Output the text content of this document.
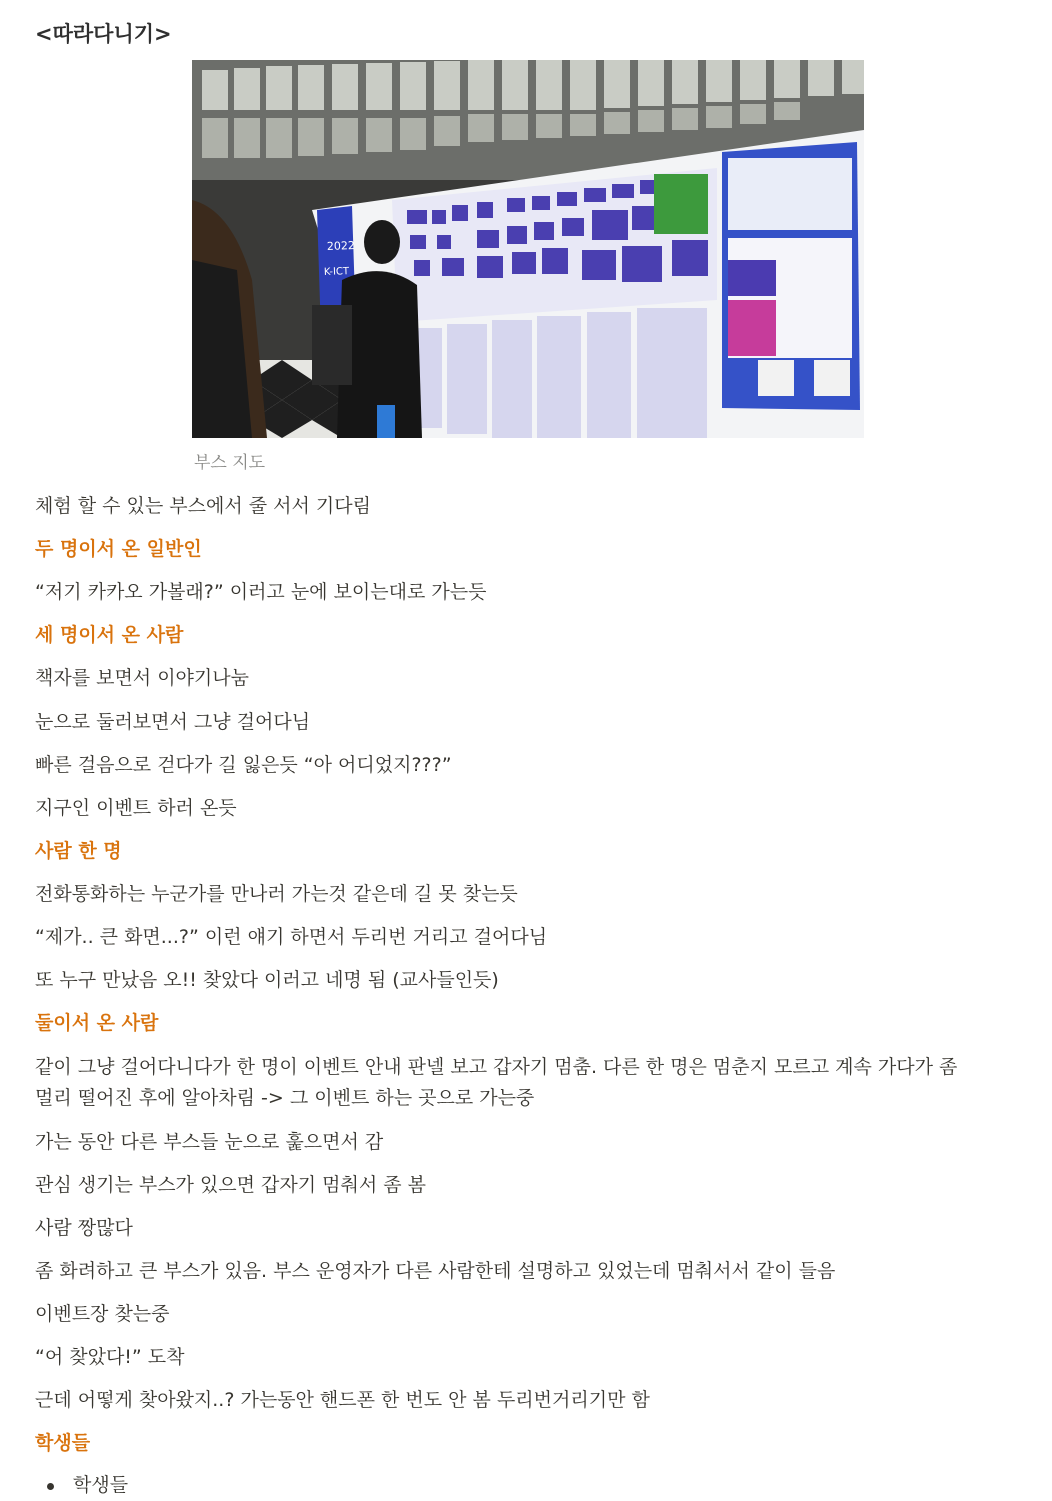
<따라다니기>
2022
K-ICT
부스 지도
체험 할 수 있는 부스에서 줄 서서 기다림
두 명이서 온 일반인
“저기 카카오 가볼래?” 이러고 눈에 보이는대로 가는듯
세 명이서 온 사람
책자를 보면서 이야기나눔
눈으로 둘러보면서 그냥 걸어다님
빠른 걸음으로 걷다가 길 잃은듯 “아 어디었지???”
지구인 이벤트 하러 온듯
사람 한 명
전화통화하는 누군가를 만나러 가는것 같은데 길 못 찾는듯
“제가.. 큰 화면...?” 이런 얘기 하면서 두리번 거리고 걸어다님
또 누구 만났음 오!! 찾았다 이러고 네명 됨 (교사들인듯)
둘이서 온 사람
같이 그냥 걸어다니다가 한 명이 이벤트 안내 판넬 보고 갑자기 멈춤. 다른 한 명은 멈춘지 모르고 계속 가다가 좀 멀리 떨어진 후에 알아차림 -> 그 이벤트 하는 곳으로 가는중
가는 동안 다른 부스들 눈으로 훑으면서 감
관심 생기는 부스가 있으면 갑자기 멈춰서 좀 봄
사람 짱많다
좀 화려하고 큰 부스가 있음. 부스 운영자가 다른 사람한테 설명하고 있었는데 멈춰서서 같이 들음
이벤트장 찾는중
“어 찾았다!” 도착
근데 어떻게 찾아왔지..? 가는동안 핸드폰 한 번도 안 봄 두리번거리기만 함
학생들
학생들
